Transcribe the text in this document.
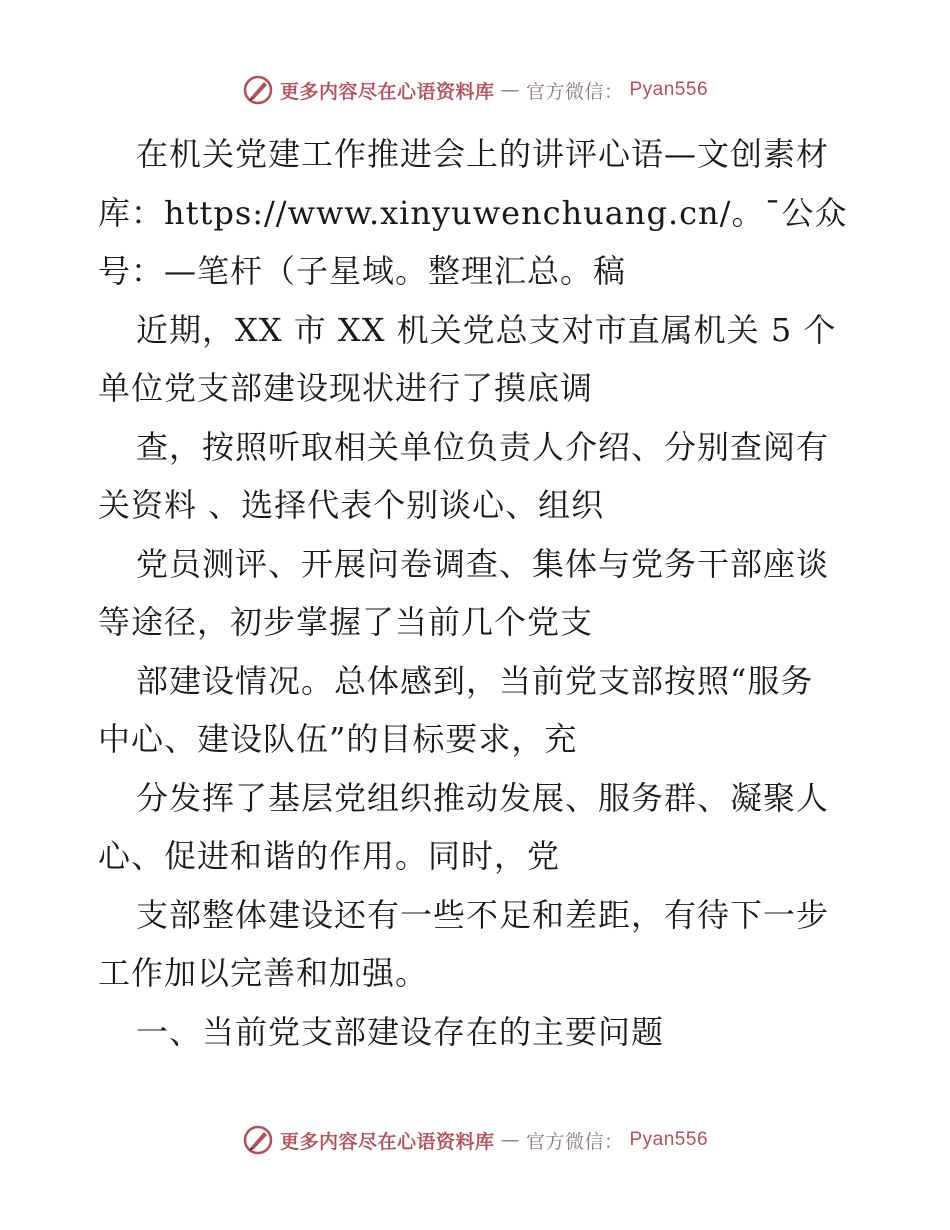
更多内容尽在心语资料库 — 官方微信： Pyan556
在机关党建工作推进会上的讲评心语—文创素材
库：https://www.xinyuwenchuang.cn/。¯公众
号：—笔杆（子星域。整理汇总。稿
近期，XX 市 XX 机关党总支对市直属机关 5 个
单位党支部建设现状进行了摸底调
查，按照听取相关单位负责人介绍、分别查阅有
关资料 、选择代表个别谈心、组织
党员测评、开展问卷调查、集体与党务干部座谈
等途径，初步掌握了当前几个党支
部建设情况。总体感到，当前党支部按照“服务
中心、建设队伍”的目标要求，充
分发挥了基层党组织推动发展、服务群、凝聚人
心、促进和谐的作用。同时，党
支部整体建设还有一些不足和差距，有待下一步
工作加以完善和加强。
一、当前党支部建设存在的主要问题
更多内容尽在心语资料库 — 官方微信： Pyan556
